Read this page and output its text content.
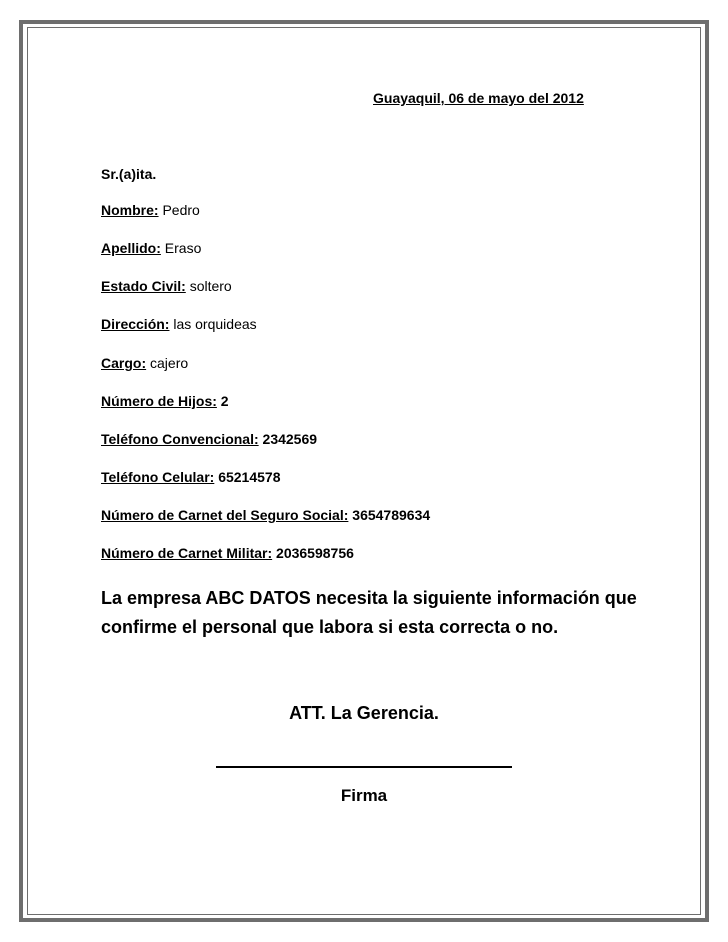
Guayaquil, 06 de mayo del 2012
Sr.(a)ita.
Nombre: Pedro
Apellido: Eraso
Estado Civil: soltero
Dirección: las orquideas
Cargo: cajero
Número de Hijos: 2
Teléfono Convencional: 2342569
Teléfono Celular: 65214578
Número de Carnet del Seguro Social: 3654789634
Número de Carnet Militar: 2036598756
La empresa ABC DATOS necesita la siguiente información que confirme el personal que labora si esta correcta o no.
ATT. La Gerencia.
Firma
